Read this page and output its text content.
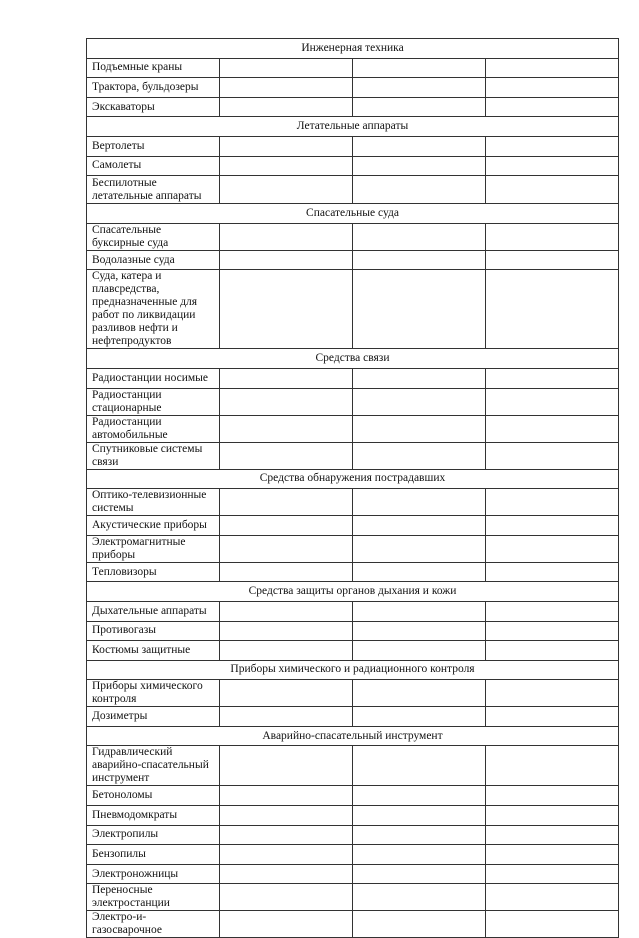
Инженерная техника			
Подъемные краны			
Трактора, бульдозеры			
Экскаваторы			
Летательные аппараты			
Вертолеты			
Самолеты			
Беспилотные летательные аппараты			
Спасательные суда			
Спасательные буксирные суда			
Водолазные суда			
Суда, катера и плавсредства, предназначенные для работ по ликвидации разливов нефти и нефтепродуктов			
Средства связи			
Радиостанции носимые			
Радиостанции стационарные			
Радиостанции автомобильные			
Спутниковые системы связи			
Средства обнаружения пострадавших			
Оптико-телевизионные системы			
Акустические приборы			
Электромагнитные приборы			
Тепловизоры			
Средства защиты органов дыхания и кожи			
Дыхательные аппараты			
Противогазы			
Костюмы защитные			
Приборы химического и радиационного контроля			
Приборы химического контроля			
Дозиметры			
Аварийно-спасательный инструмент			
Гидравлический аварийно-спасательный инструмент			
Бетоноломы			
Пневмодомкраты			
Электропилы			
Бензопилы			
Электроножницы			
Переносные электростанции			
Электро-и-газосварочное			
